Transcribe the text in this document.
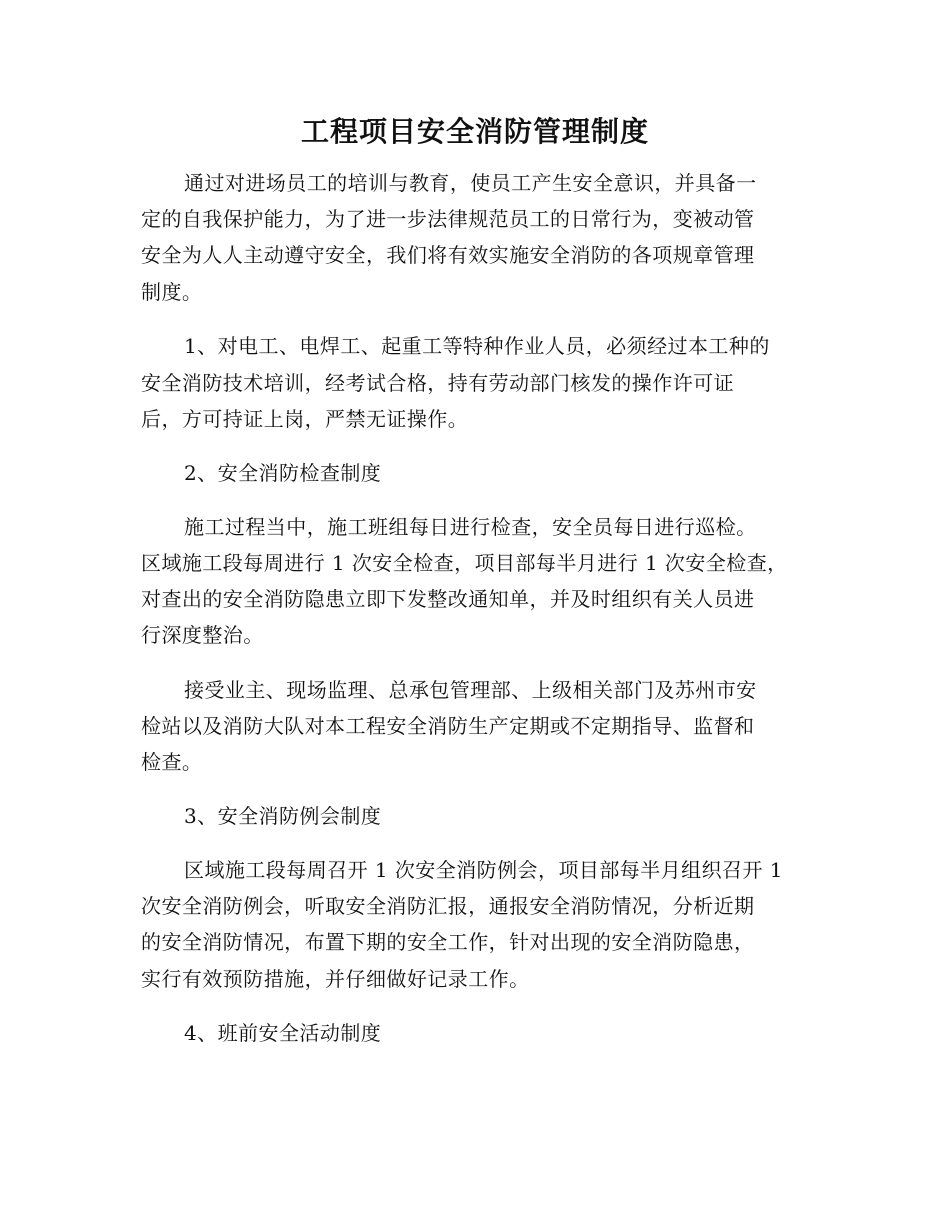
工程项目安全消防管理制度
通过对进场员工的培训与教育，使员工产生安全意识，并具备一
定的自我保护能力，为了进一步法律规范员工的日常行为，变被动管
安全为人人主动遵守安全，我们将有效实施安全消防的各项规章管理
制度。
1、对电工、电焊工、起重工等特种作业人员，必须经过本工种的
安全消防技术培训，经考试合格，持有劳动部门核发的操作许可证
后，方可持证上岗，严禁无证操作。
2、安全消防检查制度
施工过程当中，施工班组每日进行检查，安全员每日进行巡检。
区域施工段每周进行 1 次安全检查，项目部每半月进行 1 次安全检查，
对查出的安全消防隐患立即下发整改通知单，并及时组织有关人员进
行深度整治。
接受业主、现场监理、总承包管理部、上级相关部门及苏州市安
检站以及消防大队对本工程安全消防生产定期或不定期指导、监督和
检查。
3、安全消防例会制度
区域施工段每周召开 1 次安全消防例会，项目部每半月组织召开 1
次安全消防例会，听取安全消防汇报，通报安全消防情况，分析近期
的安全消防情况，布置下期的安全工作，针对出现的安全消防隐患，
实行有效预防措施，并仔细做好记录工作。
4、班前安全活动制度
